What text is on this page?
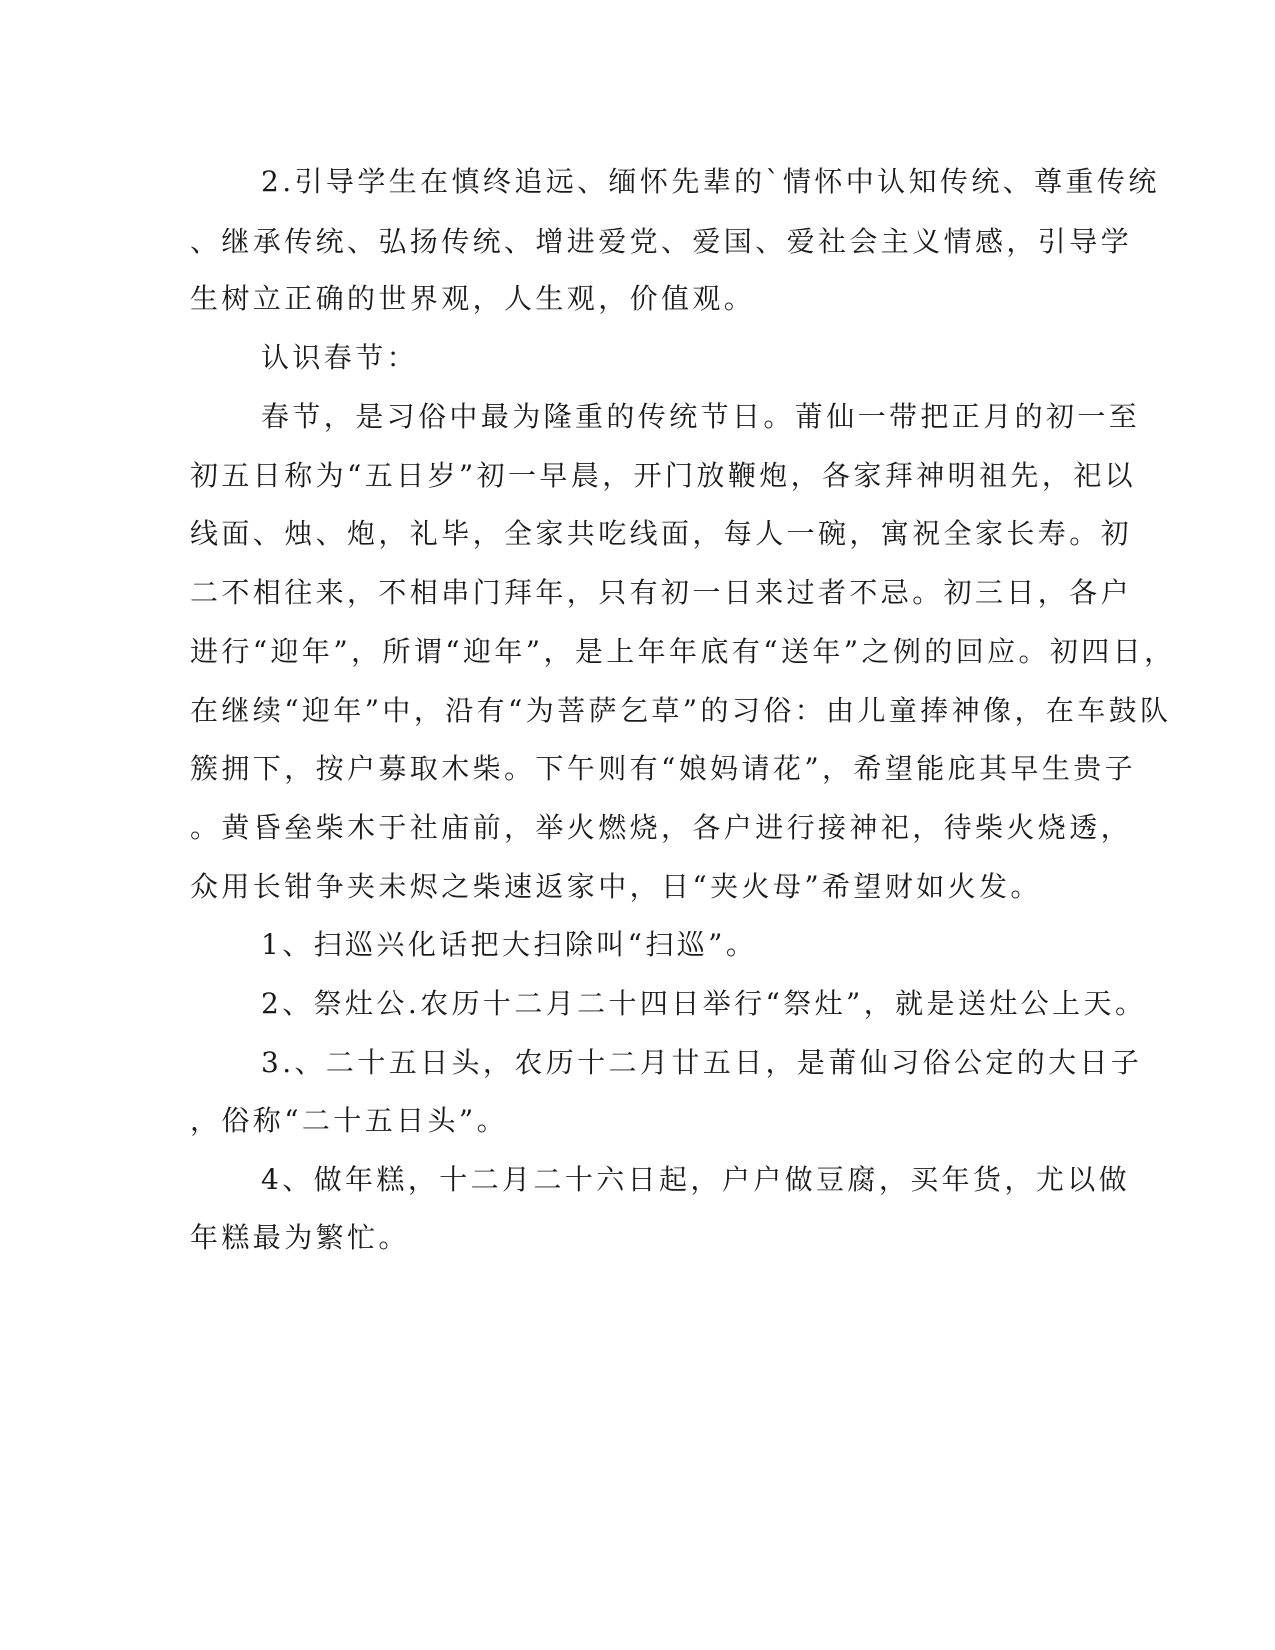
2.引导学生在慎终追远、缅怀先辈的`情怀中认知传统、尊重传统
、继承传统、弘扬传统、增进爱党、爱国、爱社会主义情感，引导学
生树立正确的世界观，人生观，价值观。
认识春节：
春节，是习俗中最为隆重的传统节日。莆仙一带把正月的初一至
初五日称为“五日岁”初一早晨，开门放鞭炮，各家拜神明祖先，祀以
线面、烛、炮，礼毕，全家共吃线面，每人一碗，寓祝全家长寿。初
二不相往来，不相串门拜年，只有初一日来过者不忌。初三日，各户
进行“迎年”，所谓“迎年”，是上年年底有“送年”之例的回应。初四日，
在继续“迎年”中，沿有“为菩萨乞草”的习俗：由儿童捧神像，在车鼓队
簇拥下，按户募取木柴。下午则有“娘妈请花”，希望能庇其早生贵子
。黄昏垒柴木于社庙前，举火燃烧，各户进行接神祀，待柴火烧透，
众用长钳争夹未烬之柴速返家中，日“夹火母”希望财如火发。
1、扫巡兴化话把大扫除叫“扫巡”。
2、祭灶公.农历十二月二十四日举行“祭灶”，就是送灶公上天。
3.、二十五日头，农历十二月廿五日，是莆仙习俗公定的大日子
，俗称“二十五日头”。
4、做年糕，十二月二十六日起，户户做豆腐，买年货，尤以做
年糕最为繁忙。
